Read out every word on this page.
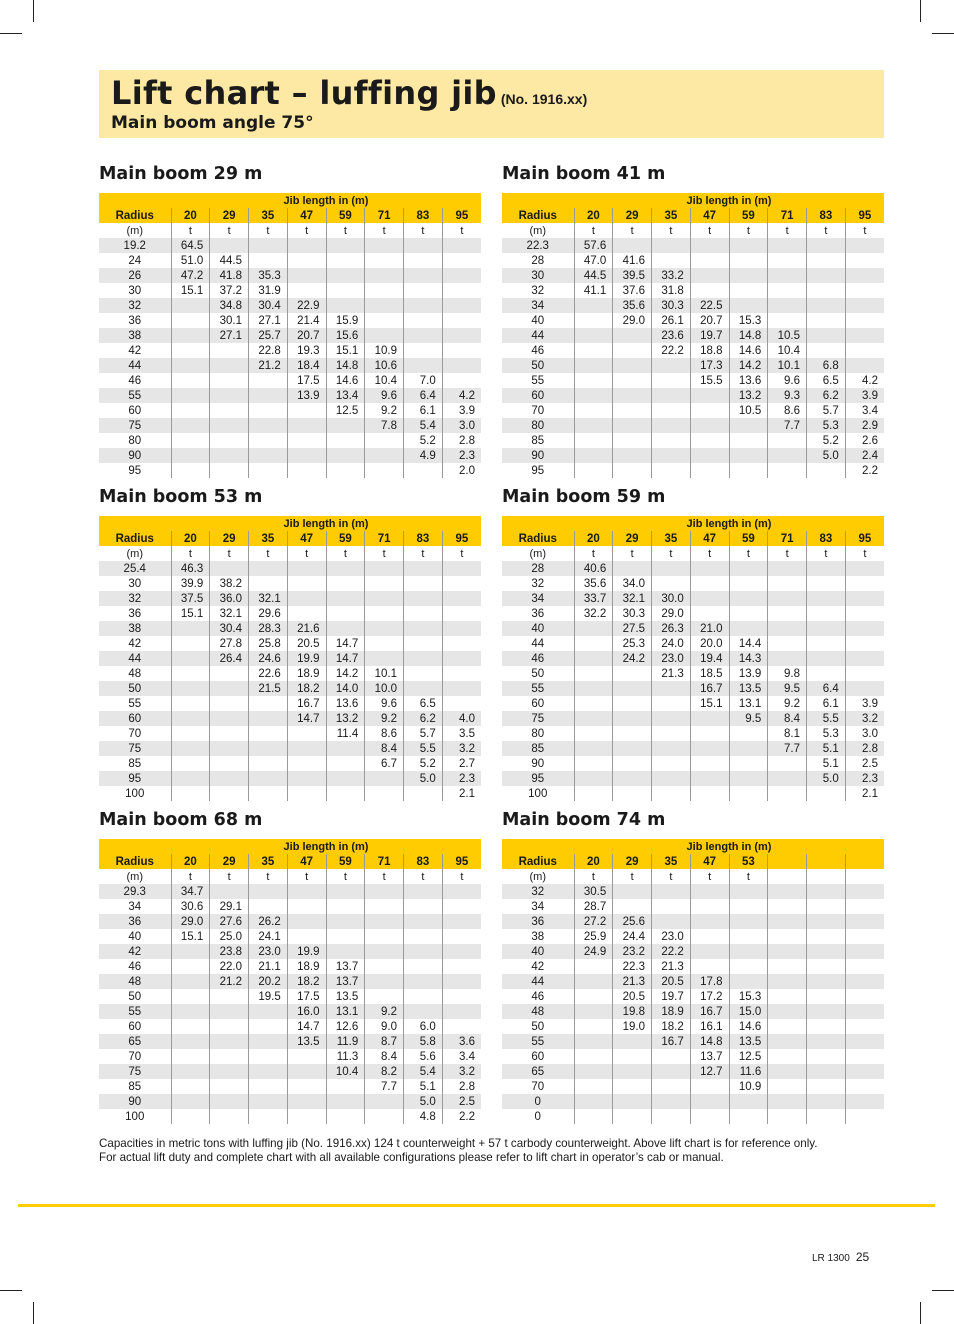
Lift chart – luffing jib (No. 1916.xx)
Main boom angle 75°
Main boom 29 m
	Jib length in (m)							
Radius	20	29	35	47	59	71	83	95
(m)	t	t	t	t	t	t	t	t
19.2	64.5							
24	51.0	44.5						
26	47.2	41.8	35.3					
30	15.1	37.2	31.9					
32		34.8	30.4	22.9				
36		30.1	27.1	21.4	15.9			
38		27.1	25.7	20.7	15.6			
42			22.8	19.3	15.1	10.9		
44			21.2	18.4	14.8	10.6		
46				17.5	14.6	10.4	7.0	
55				13.9	13.4	9.6	6.4	4.2
60					12.5	9.2	6.1	3.9
75						7.8	5.4	3.0
80							5.2	2.8
90							4.9	2.3
95								2.0
Main boom 41 m
	Jib length in (m)							
Radius	20	29	35	47	59	71	83	95
(m)	t	t	t	t	t	t	t	t
22.3	57.6							
28	47.0	41.6						
30	44.5	39.5	33.2					
32	41.1	37.6	31.8					
34		35.6	30.3	22.5				
40		29.0	26.1	20.7	15.3			
44			23.6	19.7	14.8	10.5		
46			22.2	18.8	14.6	10.4		
50				17.3	14.2	10.1	6.8	
55				15.5	13.6	9.6	6.5	4.2
60					13.2	9.3	6.2	3.9
70					10.5	8.6	5.7	3.4
80						7.7	5.3	2.9
85							5.2	2.6
90							5.0	2.4
95								2.2
Main boom 53 m
	Jib length in (m)							
Radius	20	29	35	47	59	71	83	95
(m)	t	t	t	t	t	t	t	t
25.4	46.3							
30	39.9	38.2						
32	37.5	36.0	32.1					
36	15.1	32.1	29.6					
38		30.4	28.3	21.6				
42		27.8	25.8	20.5	14.7			
44		26.4	24.6	19.9	14.7			
48			22.6	18.9	14.2	10.1		
50			21.5	18.2	14.0	10.0		
55				16.7	13.6	9.6	6.5	
60				14.7	13.2	9.2	6.2	4.0
70					11.4	8.6	5.7	3.5
75						8.4	5.5	3.2
85						6.7	5.2	2.7
95							5.0	2.3
100								2.1
Main boom 59 m
	Jib length in (m)							
Radius	20	29	35	47	59	71	83	95
(m)	t	t	t	t	t	t	t	t
28	40.6							
32	35.6	34.0						
34	33.7	32.1	30.0					
36	32.2	30.3	29.0					
40		27.5	26.3	21.0				
44		25.3	24.0	20.0	14.4			
46		24.2	23.0	19.4	14.3			
50			21.3	18.5	13.9	9.8		
55				16.7	13.5	9.5	6.4	
60				15.1	13.1	9.2	6.1	3.9
75					9.5	8.4	5.5	3.2
80						8.1	5.3	3.0
85						7.7	5.1	2.8
90							5.1	2.5
95							5.0	2.3
100								2.1
Main boom 68 m
	Jib length in (m)							
Radius	20	29	35	47	59	71	83	95
(m)	t	t	t	t	t	t	t	t
29.3	34.7							
34	30.6	29.1						
36	29.0	27.6	26.2					
40	15.1	25.0	24.1					
42		23.8	23.0	19.9				
46		22.0	21.1	18.9	13.7			
48		21.2	20.2	18.2	13.7			
50			19.5	17.5	13.5			
55				16.0	13.1	9.2		
60				14.7	12.6	9.0	6.0	
65				13.5	11.9	8.7	5.8	3.6
70					11.3	8.4	5.6	3.4
75					10.4	8.2	5.4	3.2
85						7.7	5.1	2.8
90							5.0	2.5
100							4.8	2.2
Main boom 74 m
	Jib length in (m)							
Radius	20	29	35	47	53			
(m)	t	t	t	t	t			
32	30.5							
34	28.7							
36	27.2	25.6						
38	25.9	24.4	23.0					
40	24.9	23.2	22.2					
42		22.3	21.3					
44		21.3	20.5	17.8				
46		20.5	19.7	17.2	15.3			
48		19.8	18.9	16.7	15.0			
50		19.0	18.2	16.1	14.6			
55			16.7	14.8	13.5			
60				13.7	12.5			
65				12.7	11.6			
70					10.9			
0								
0								
Capacities in metric tons with luffing jib (No. 1916.xx) 124 t counterweight + 57 t carbody counterweight. Above lift chart is for reference only.
For actual lift duty and complete chart with all available configurations please refer to lift chart in operator’s cab or manual.
LR 1300 25
